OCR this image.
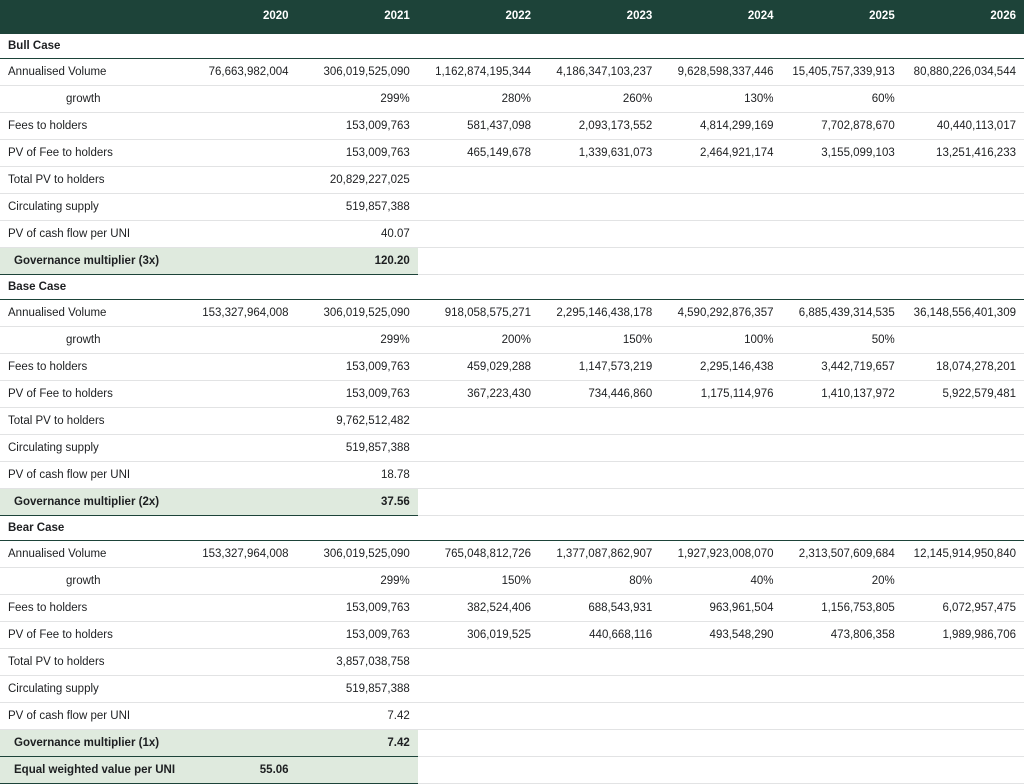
	2020	2021	2022	2023	2024	2025	2026
Bull Case							
Annualised Volume	76,663,982,004	306,019,525,090	1,162,874,195,344	4,186,347,103,237	9,628,598,337,446	15,405,757,339,913	80,880,226,034,544
growth		299%	280%	260%	130%	60%	
Fees to holders		153,009,763	581,437,098	2,093,173,552	4,814,299,169	7,702,878,670	40,440,113,017
PV of Fee to holders		153,009,763	465,149,678	1,339,631,073	2,464,921,174	3,155,099,103	13,251,416,233
Total PV to holders		20,829,227,025					
Circulating supply		519,857,388					
PV of cash flow per UNI		40.07					
Governance multiplier (3x)		120.20					
Base Case							
Annualised Volume	153,327,964,008	306,019,525,090	918,058,575,271	2,295,146,438,178	4,590,292,876,357	6,885,439,314,535	36,148,556,401,309
growth		299%	200%	150%	100%	50%	
Fees to holders		153,009,763	459,029,288	1,147,573,219	2,295,146,438	3,442,719,657	18,074,278,201
PV of Fee to holders		153,009,763	367,223,430	734,446,860	1,175,114,976	1,410,137,972	5,922,579,481
Total PV to holders		9,762,512,482					
Circulating supply		519,857,388					
PV of cash flow per UNI		18.78					
Governance multiplier (2x)		37.56					
Bear Case							
Annualised Volume	153,327,964,008	306,019,525,090	765,048,812,726	1,377,087,862,907	1,927,923,008,070	2,313,507,609,684	12,145,914,950,840
growth		299%	150%	80%	40%	20%	
Fees to holders		153,009,763	382,524,406	688,543,931	963,961,504	1,156,753,805	6,072,957,475
PV of Fee to holders		153,009,763	306,019,525	440,668,116	493,548,290	473,806,358	1,989,986,706
Total PV to holders		3,857,038,758					
Circulating supply		519,857,388					
PV of cash flow per UNI		7.42					
Governance multiplier (1x)		7.42					
Equal weighted value per UNI	55.06						
